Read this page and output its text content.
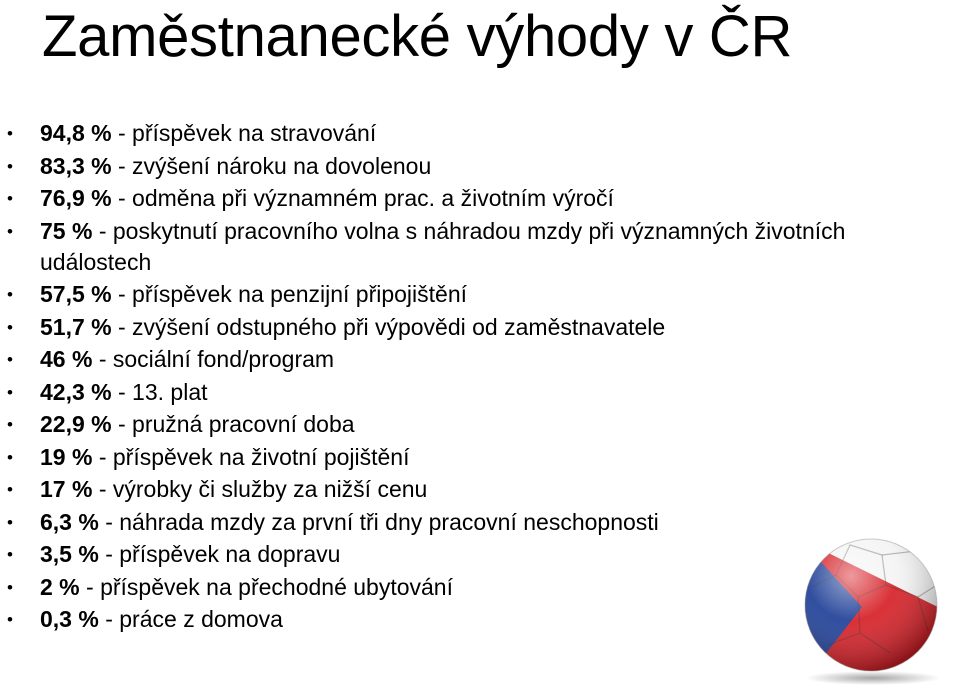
Zaměstnanecké výhody v ČR
• 94,8 % - příspěvek na stravování
• 83,3 % - zvýšení nároku na dovolenou
• 76,9 % - odměna při významném prac. a životním výročí
• 75 % - poskytnutí pracovního volna s náhradou mzdy při významných životních událostech
• 57,5 % - příspěvek na penzijní připojištění
• 51,7 % - zvýšení odstupného při výpovědi od zaměstnavatele
• 46 % - sociální fond/program
• 42,3 % - 13. plat
• 22,9 % - pružná pracovní doba
• 19 % - příspěvek na životní pojištění
• 17 % - výrobky či služby za nižší cenu
• 6,3 % - náhrada mzdy za první tři dny pracovní neschopnosti
• 3,5 % - příspěvek na dopravu
• 2 % - příspěvek na přechodné ubytování
• 0,3 % - práce z domova
